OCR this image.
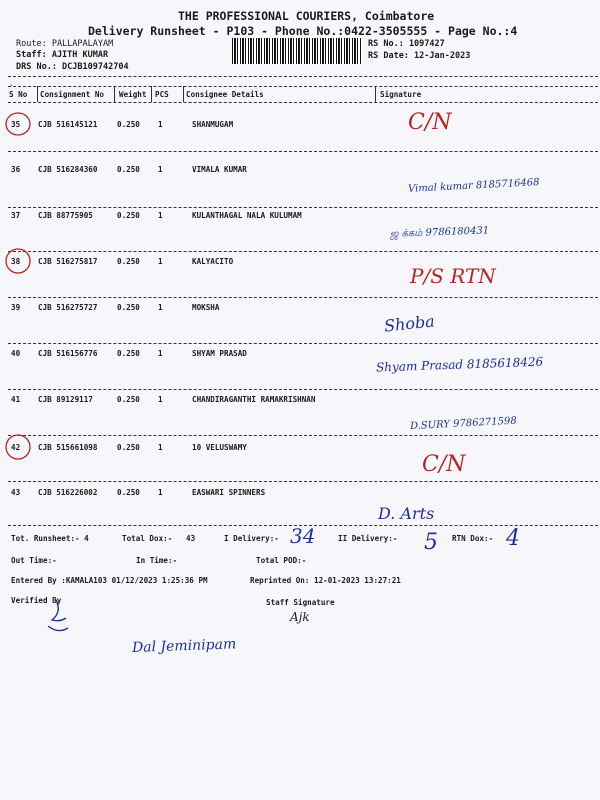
THE PROFESSIONAL COURIERS, Coimbatore
Delivery Runsheet - P103 - Phone No.:0422-3505555 - Page No.:4
Route: PALLAPALAYAM
Staff: AJITH KUMAR
DRS No.: DCJB109742704
RS No.: 1097427
RS Date: 12-Jan-2023
.
S No Consignment No Weight PCS Consignee Details	Signature
35 CJB 516145121	0.250 1	SHANMUGAM	C/N
36 CJB 516284360	0.250 1	VIMALA KUMAR
Vimal kumar 8185716468
37 CJB 88775905	0.250 1	KULANTHAGAL NALA KULUMAM
ஜ க்கம் 9786180431
38 CJB 516275817	0.250 1	KALYACITO
P/S RTN
39 CJB 516275727	0.250 1	MOKSHA
Shoba
40 CJB 516156776	0.250 1	SHYAM PRASAD
Shyam Prasad 8185618426
41 CJB 89129117	0.250 1	CHANDIRAGANTHI RAMAKRISHNAN
D.SURY 9786271598
42 CJB 515661098	0.250 1	10 VELUSWAMY
C/N
43 CJB 516226002	0.250 1	EASWARI SPINNERS
D. Arts
Tot. Runsheet:- 4	Total Dox:-   43	I Delivery:- 34	II Delivery:- 5 RTN Dox:- 4
Out Time:-	In Time:-	Total POD:-
Entered By :KAMALA103 01/12/2023 1:25:36 PM	Reprinted On: 12-01-2023 13:27:21
Verified By	Staff Signature
Ajk
Dal Jeminipam
